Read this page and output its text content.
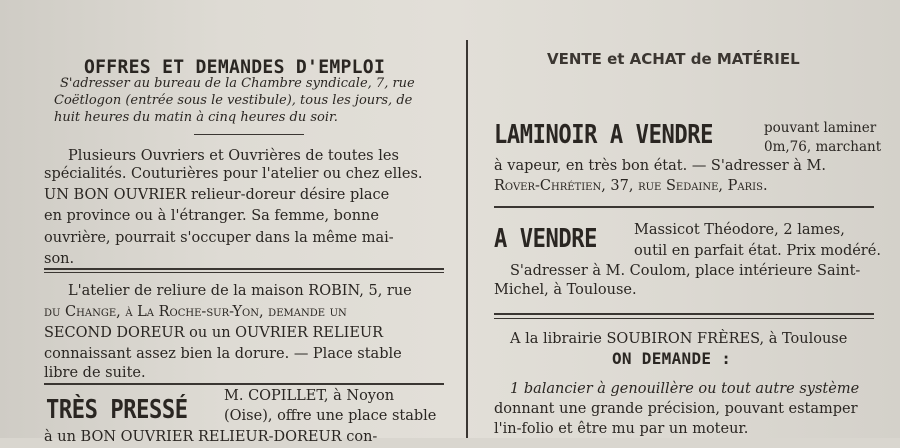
OFFRES ET DEMANDES D'EMPLOI
S'adresser au bureau de la Chambre syndicale, 7, rue
Coëtlogon (entrée sous le vestibule), tous les jours, de
huit heures du matin à cinq heures du soir.
Plusieurs Ouvriers et Ouvrières de toutes les
spécialités. Couturières pour l'atelier ou chez elles.
UN BON OUVRIER relieur-doreur désire place
en province ou à l'étranger. Sa femme, bonne
ouvrière, pourrait s'occuper dans la même mai-
son.
L'atelier de reliure de la maison ROBIN, 5, rue
du Change, à La Roche-sur-Yon, demande un
SECOND DOREUR ou un OUVRIER RELIEUR
connaissant assez bien la dorure. — Place stable
libre de suite.
TRÈS PRESSÉ	M. COPILLET, à Noyon
(Oise), offre une place stable
à un BON OUVRIER RELIEUR-DOREUR con-
VENTE et ACHAT de MATÉRIEL
LAMINOIR A VENDRE	pouvant laminer
0m,76, marchant
à vapeur, en très bon état. — S'adresser à M.
Rover-Chrétien, 37, rue Sedaine, Paris.
A VENDRE	Massicot Théodore, 2 lames,
outil en parfait état. Prix modéré.
S'adresser à M. Coulom, place intérieure Saint-
Michel, à Toulouse.
A la librairie SOUBIRON FRÈRES, à Toulouse
ON DEMANDE :
1 balancier à genouillère ou tout autre système
donnant une grande précision, pouvant estamper
l'in-folio et être mu par un moteur.
